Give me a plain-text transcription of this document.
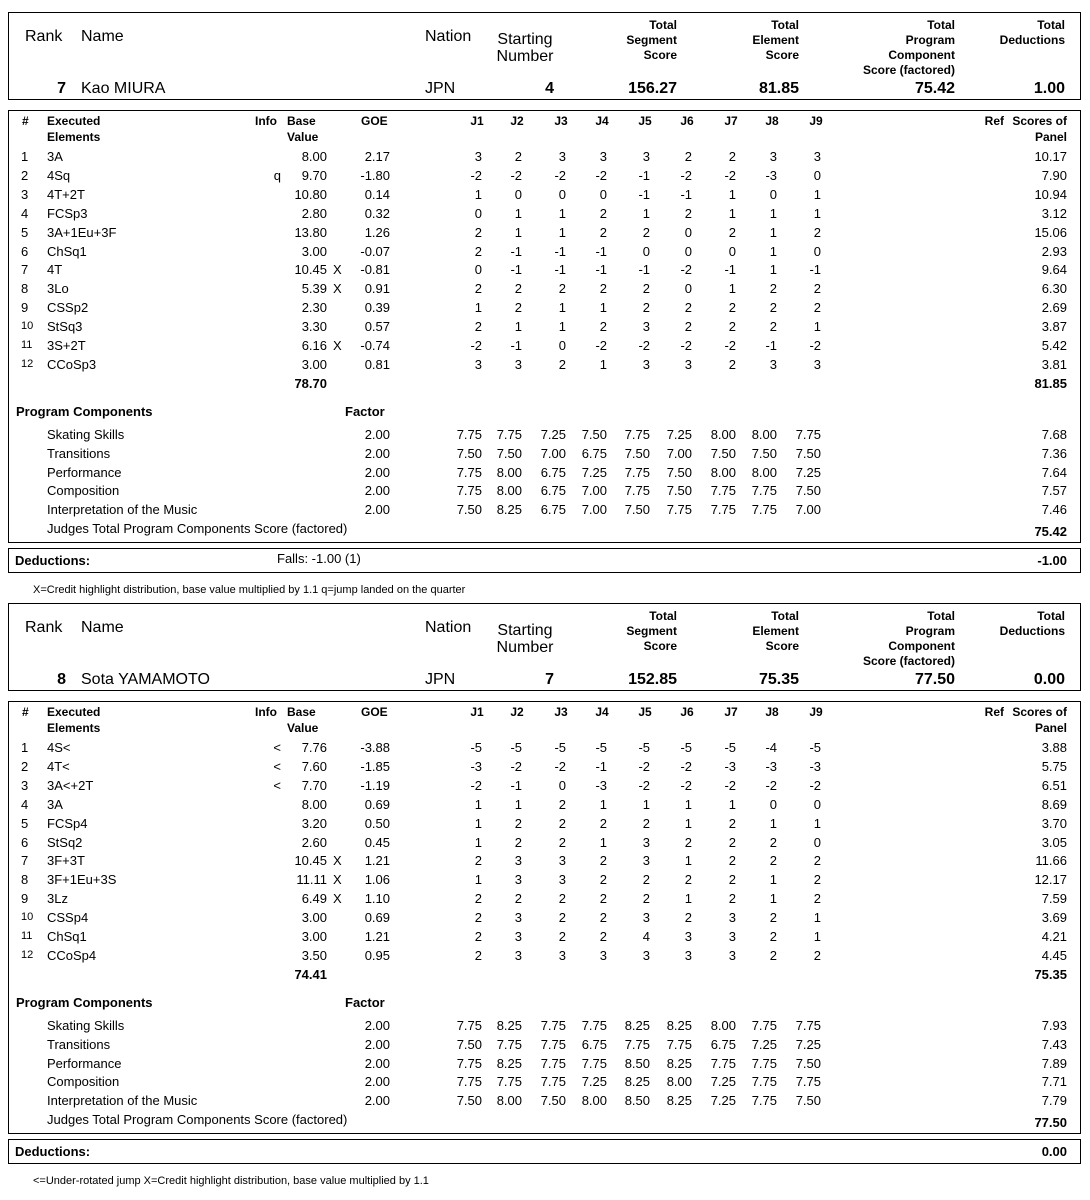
Rank Name	Nation Starting
Number
Total
Segment
Score
Total
Element
Score
Total
Program
Component
Score (factored)
Total
Deductions
7 Kao MIURA	JPN	4	156.27	81.85	75.42	1.00
# Executed
Elements
Info Base
Value
GOE	J1 J2	J3 J4 J5 J6	J7 J8	J9	Ref Scores of
Panel
1 3A	8.00	2.17	3	2	3	3	3	2	2	3	3	10.17
2 4Sq	q 9.70	-1.80	-2 -2 -2 -2 -1 -2 -2 -3	0	7.90
3 4T+2T	10.80	0.14	1	0	0	0 -1 -1	1	0	1	10.94
4 FCSp3	2.80	0.32	0	1	1	2	1	2	1	1	1	3.12
5 3A+1Eu+3F	13.80	1.26	2	1	1	2	2	0	2	1	2	15.06
6 ChSq1	3.00	-0.07	2 -1 -1 -1	0	0	0	1	0	2.93
7 4T	10.45 X -0.81	0 -1 -1 -1 -1 -2 -1	1 -1	9.64
8 3Lo	5.39 X 0.91	2	2	2	2	2	0	1	2	2	6.30
9 CSSp2	2.30	0.39	1	2	1	1	2	2	2	2	2	2.69
10 StSq3	3.30	0.57	2	1	1	2	3	2	2	2	1	3.87
11 3S+2T	6.16 X -0.74	-2 -1	0 -2 -2 -2 -2 -1 -2	5.42
12 CCoSp3	3.00	0.81	3	3	2	1	3	3	2	3	3	3.81
78.70	81.85
Program Components	Factor
Skating Skills	2.00	7.75 7.75 7.25 7.50 7.75 7.25 8.00 8.00 7.75	7.68
Transitions	2.00	7.50 7.50 7.00 6.75 7.50 7.00 7.50 7.50 7.50	7.36
Performance	2.00	7.75 8.00 6.75 7.25 7.75 7.50 8.00 8.00 7.25	7.64
Composition	2.00	7.75 8.00 6.75 7.00 7.75 7.50 7.75 7.75 7.50	7.57
Interpretation of the Music	2.00	7.50 8.25 6.75 7.00 7.50 7.75 7.75 7.75 7.00	7.46
Judges Total Program Components Score (factored)	75.42
Deductions:	Falls: -1.00 (1)	-1.00
X=Credit highlight distribution, base value multiplied by 1.1 q=jump landed on the quarter
Rank Name	Nation Starting
Number
Total
Segment
Score
Total
Element
Score
Total
Program
Component
Score (factored)
Total
Deductions
8 Sota YAMAMOTO	JPN	7	152.85	75.35	77.50	0.00
# Executed
Elements
Info Base
Value
GOE	J1 J2	J3 J4 J5 J6	J7 J8	J9	Ref Scores of
Panel
1 4S<	< 7.76	-3.88	-5 -5 -5 -5 -5 -5 -5 -4 -5	3.88
2 4T<	< 7.60	-1.85	-3 -2 -2 -1 -2 -2 -3 -3 -3	5.75
3 3A<+2T	< 7.70	-1.19	-2 -1	0 -3 -2 -2 -2 -2 -2	6.51
4 3A	8.00	0.69	1	1	2	1	1	1	1	0	0	8.69
5 FCSp4	3.20	0.50	1	2	2	2	2	1	2	1	1	3.70
6 StSq2	2.60	0.45	1	2	2	1	3	2	2	2	0	3.05
7 3F+3T	10.45 X 1.21	2	3	3	2	3	1	2	2	2	11.66
8 3F+1Eu+3S	11.11 X 1.06	1	3	3	2	2	2	2	1	2	12.17
9 3Lz	6.49 X 1.10	2	2	2	2	2	1	2	1	2	7.59
10 CSSp4	3.00	0.69	2	3	2	2	3	2	3	2	1	3.69
11 ChSq1	3.00	1.21	2	3	2	2	4	3	3	2	1	4.21
12 CCoSp4	3.50	0.95	2	3	3	3	3	3	3	2	2	4.45
74.41	75.35
Program Components	Factor
Skating Skills	2.00	7.75 8.25 7.75 7.75 8.25 8.25 8.00 7.75 7.75	7.93
Transitions	2.00	7.50 7.75 7.75 6.75 7.75 7.75 6.75 7.25 7.25	7.43
Performance	2.00	7.75 8.25 7.75 7.75 8.50 8.25 7.75 7.75 7.50	7.89
Composition	2.00	7.75 7.75 7.75 7.25 8.25 8.00 7.25 7.75 7.75	7.71
Interpretation of the Music	2.00	7.50 8.00 7.50 8.00 8.50 8.25 7.25 7.75 7.50	7.79
Judges Total Program Components Score (factored)	77.50
Deductions:	0.00
<=Under-rotated jump X=Credit highlight distribution, base value multiplied by 1.1
